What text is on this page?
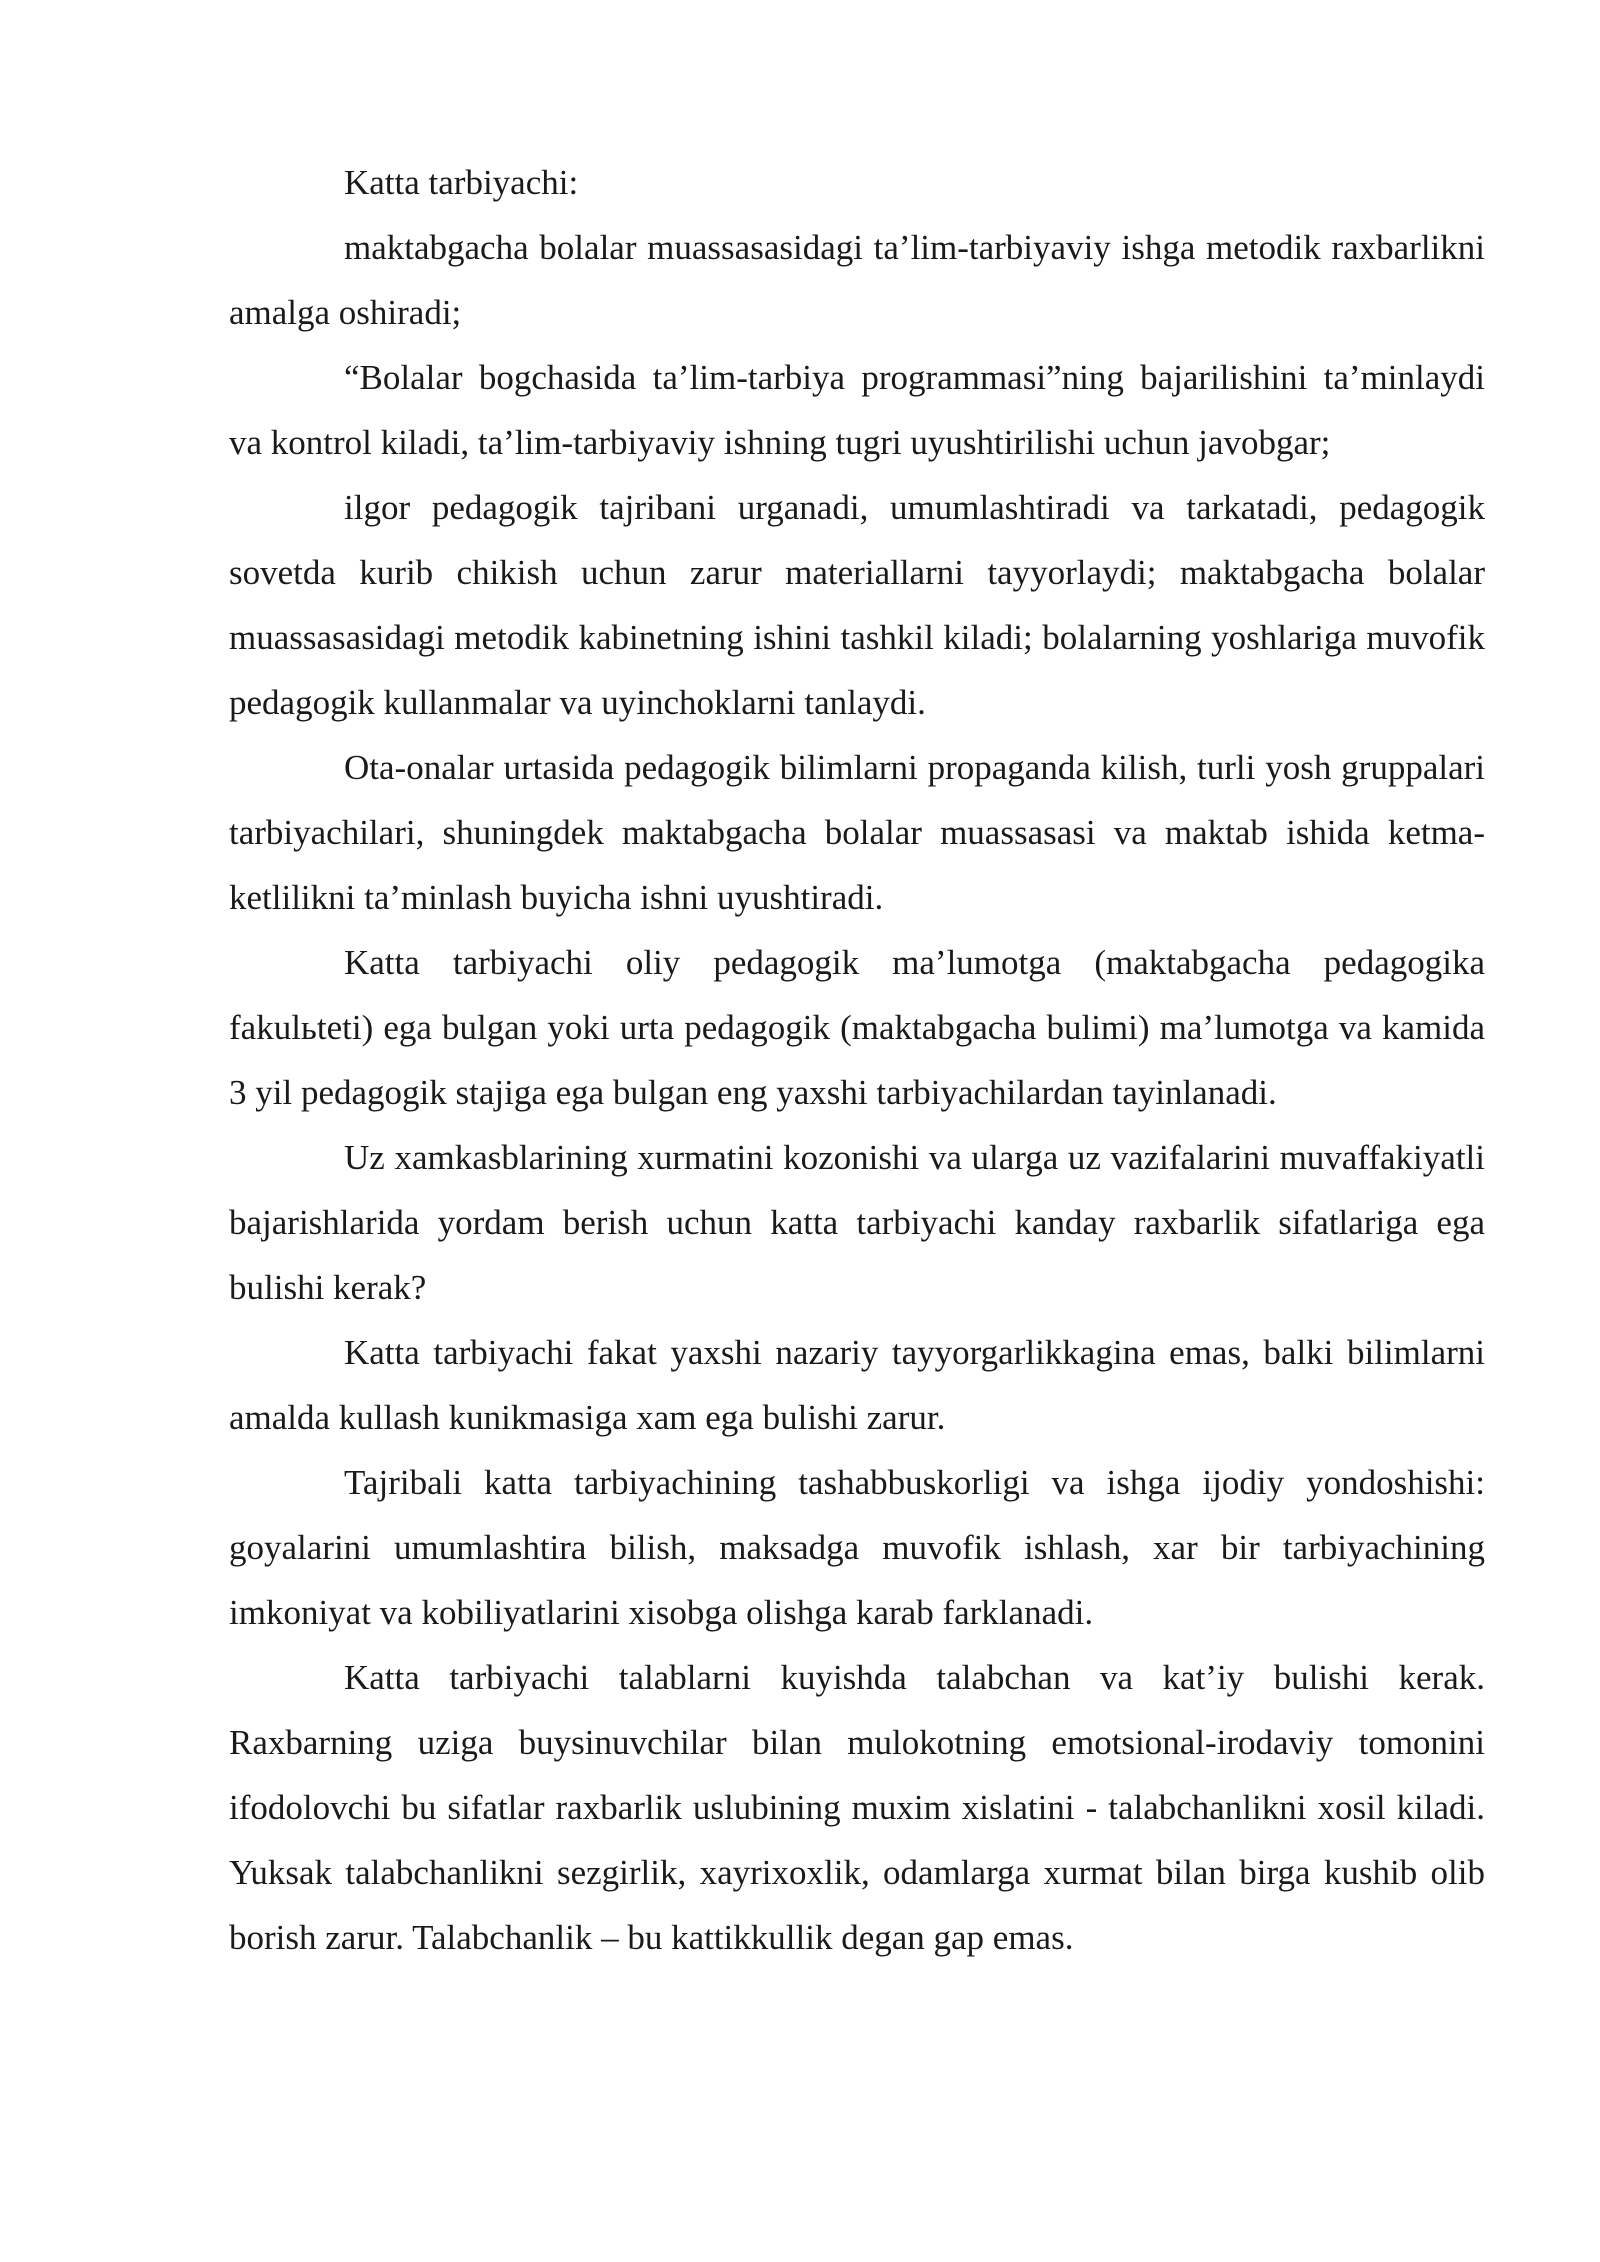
Katta tarbiyachi:

maktabgacha bolalar muassasasidagi ta’lim-tarbiyaviy ishga metodik raxbarlikni amalga oshiradi;

“Bolalar bogchasida ta’lim-tarbiya programmasi”ning bajarilishini ta’minlaydi va kontrol kiladi, ta’lim-tarbiyaviy ishning tugri uyushtirilishi uchun javobgar;

ilgor pedagogik tajribani urganadi, umumlashtiradi va tarkatadi, pedagogik sovetda kurib chikish uchun zarur materiallarni tayyorlaydi; maktabgacha bolalar muassasasidagi metodik kabinetning ishini tashkil kiladi; bolalarning yoshlariga muvofik pedagogik kullanmalar va uyinchoklarni tanlaydi.

Ota-onalar urtasida pedagogik bilimlarni propaganda kilish, turli yosh gruppalari tarbiyachilari, shuningdek maktabgacha bolalar muassasasi va maktab ishida ketma-ketlilikni ta’minlash buyicha ishni uyushtiradi.

Katta tarbiyachi oliy pedagogik ma’lumotga (maktabgacha pedagogika fakulьteti) ega bulgan yoki urta pedagogik (maktabgacha bulimi) ma’lumotga va kamida 3 yil pedagogik stajiga ega bulgan eng yaxshi tarbiyachilardan tayinlanadi.

Uz xamkasblarining xurmatini kozonishi va ularga uz vazifalarini muvaffakiyatli bajarishlarida yordam berish uchun katta tarbiyachi kanday raxbarlik sifatlariga ega bulishi kerak?

Katta tarbiyachi fakat yaxshi nazariy tayyorgarlikkagina emas, balki bilimlarni amalda kullash kunikmasiga xam ega bulishi zarur.

Tajribali katta tarbiyachining tashabbuskorligi va ishga ijodiy yondoshishi: goyalarini umumlashtira bilish, maksadga muvofik ishlash, xar bir tarbiyachining imkoniyat va kobiliyatlarini xisobga olishga karab farklanadi.

Katta tarbiyachi talablarni kuyishda talabchan va kat’iy bulishi kerak. Raxbarning uziga buysinuvchilar bilan mulokotning emotsional-irodaviy tomonini ifodolovchi bu sifatlar raxbarlik uslubining muxim xislatini - talabchanlikni xosil kiladi. Yuksak talabchanlikni sezgirlik, xayrixoxlik, odamlarga xurmat bilan birga kushib olib borish zarur. Talabchanlik – bu kattikkullik degan gap emas.
